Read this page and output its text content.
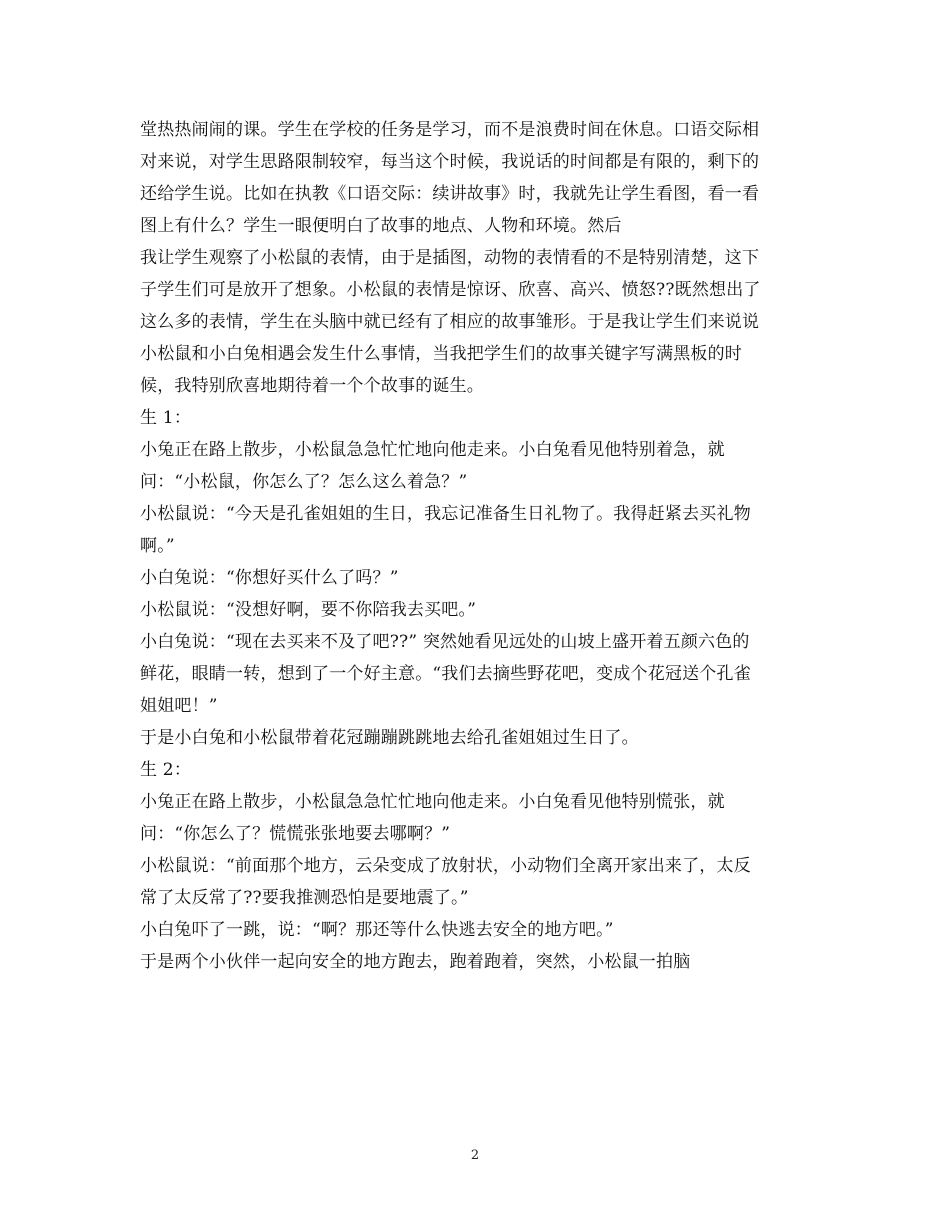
堂热热闹闹的课。学生在学校的任务是学习，而不是浪费时间在休息。口语交际相
对来说，对学生思路限制较窄，每当这个时候，我说话的时间都是有限的，剩下的
还给学生说。比如在执教《口语交际：续讲故事》时，我就先让学生看图，看一看
图上有什么？学生一眼便明白了故事的地点、人物和环境。然后
我让学生观察了小松鼠的表情，由于是插图，动物的表情看的不是特别清楚，这下
子学生们可是放开了想象。小松鼠的表情是惊讶、欣喜、高兴、愤怒??既然想出了
这么多的表情，学生在头脑中就已经有了相应的故事雏形。于是我让学生们来说说
小松鼠和小白兔相遇会发生什么事情，当我把学生们的故事关键字写满黑板的时
候，我特别欣喜地期待着一个个故事的诞生。
生 1：
小兔正在路上散步，小松鼠急急忙忙地向他走来。小白兔看见他特别着急，就
问：“小松鼠，你怎么了？怎么这么着急？”
小松鼠说：“今天是孔雀姐姐的生日，我忘记准备生日礼物了。我得赶紧去买礼物
啊。”
小白兔说：“你想好买什么了吗？”
小松鼠说：“没想好啊，要不你陪我去买吧。”
小白兔说：“现在去买来不及了吧??” 突然她看见远处的山坡上盛开着五颜六色的
鲜花，眼睛一转，想到了一个好主意。“我们去摘些野花吧，变成个花冠送个孔雀
姐姐吧！”
于是小白兔和小松鼠带着花冠蹦蹦跳跳地去给孔雀姐姐过生日了。
生 2：
小兔正在路上散步，小松鼠急急忙忙地向他走来。小白兔看见他特别慌张，就
问：“你怎么了？慌慌张张地要去哪啊？”
小松鼠说：“前面那个地方，云朵变成了放射状，小动物们全离开家出来了，太反
常了太反常了??要我推测恐怕是要地震了。”
小白兔吓了一跳，说：“啊？那还等什么快逃去安全的地方吧。”
于是两个小伙伴一起向安全的地方跑去，跑着跑着，突然，小松鼠一拍脑
2
